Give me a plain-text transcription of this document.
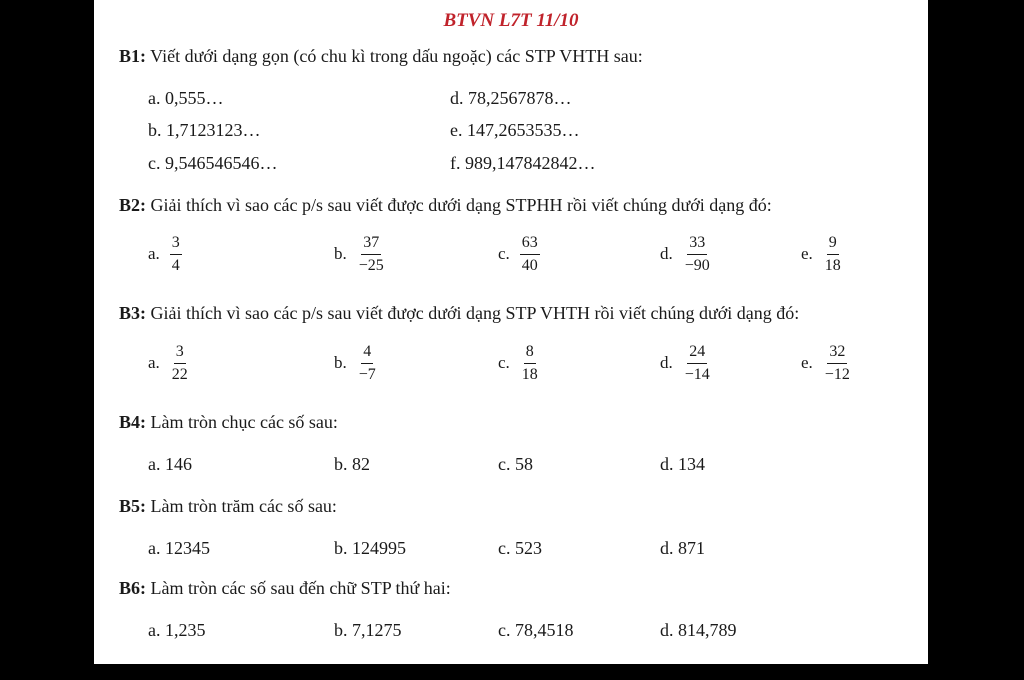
BTVN L7T 11/10
B1: Viết dưới dạng gọn (có chu kì trong dấu ngoặc) các STP VHTH sau:
a. 0,555…
b. 1,7123123…
c. 9,546546546…
d. 78,2567878…
e. 147,2653535…
f. 989,147842842…
B2: Giải thích vì sao các p/s sau viết được dưới dạng STPHH rồi viết chúng dưới dạng đó:
a. $\frac{3}{4}$	b. $\frac{37}{-25}$	c. $\frac{63}{40}$	d. $\frac{33}{-90}$	e. $\frac{9}{18}$
B3: Giải thích vì sao các p/s sau viết được dưới dạng STP VHTH rồi viết chúng dưới dạng đó:
a. $\frac{3}{22}$	b. $\frac{4}{-7}$	c. $\frac{8}{18}$	d. $\frac{24}{-14}$	e. $\frac{32}{-12}$
B4: Làm tròn chục các số sau:
a. 146	b. 82	c. 58	d. 134
B5: Làm tròn trăm các số sau:
a. 12345	b. 124995	c. 523	d. 871
B6: Làm tròn các số sau đến chữ STP thứ hai:
a. 1,235	b. 7,1275	c. 78,4518	d. 814,789
